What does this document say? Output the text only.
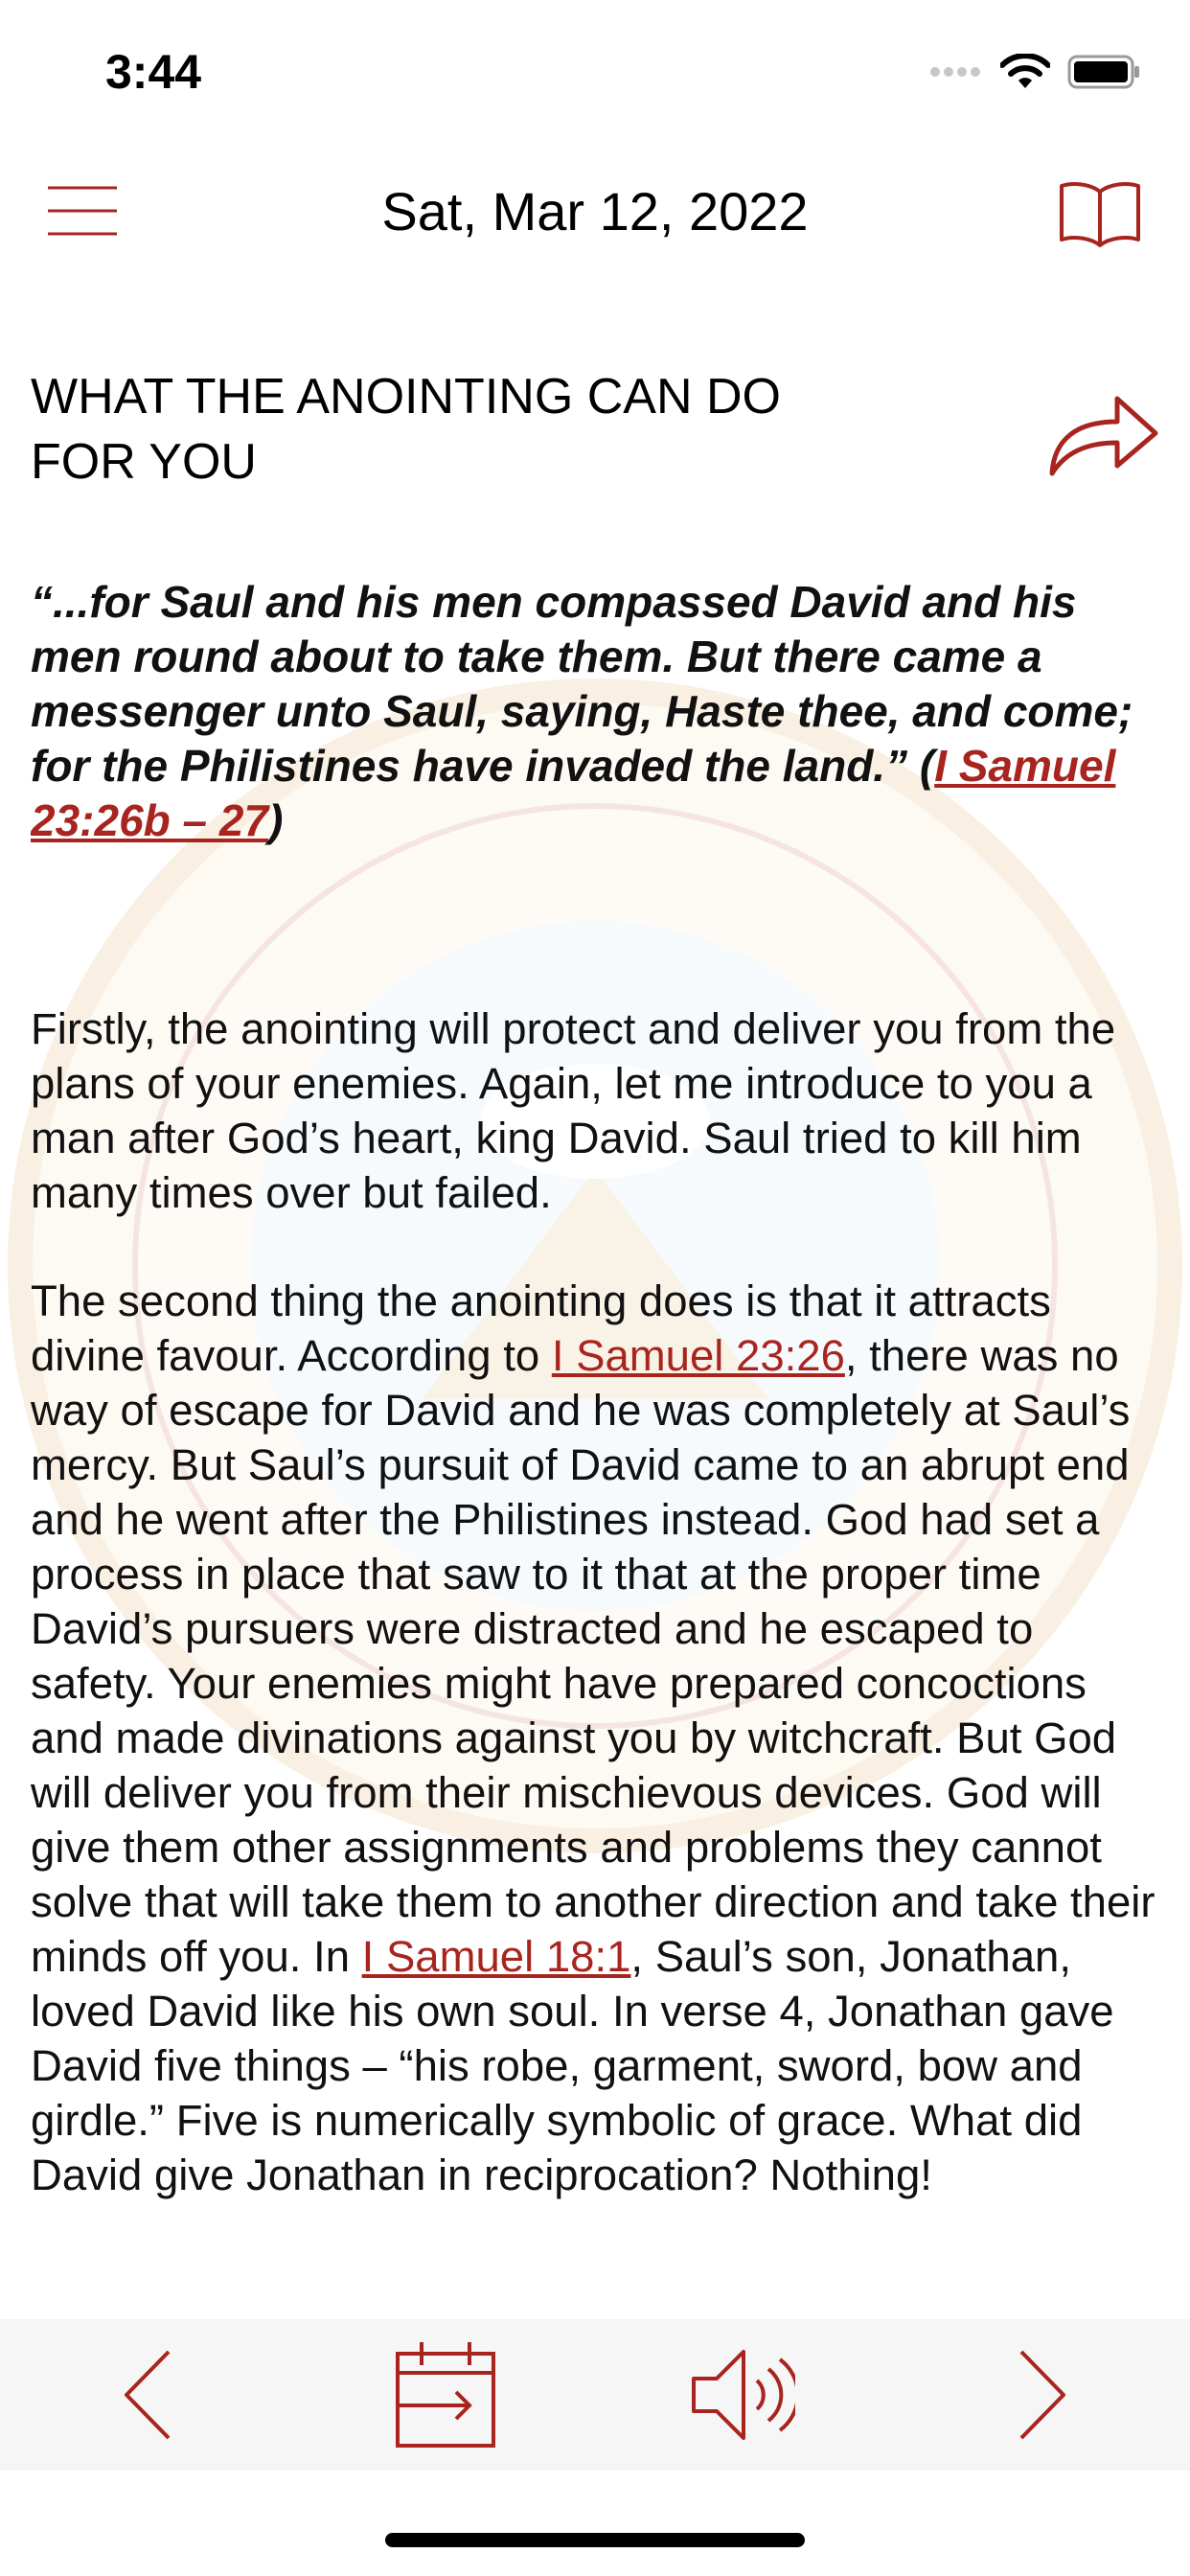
3:44
Sat, Mar 12, 2022
WHAT THE ANOINTING CAN DO FOR YOU

“...for Saul and his men compassed David and his men round about to take them. But there came a messenger unto Saul, saying, Haste thee, and come; for the Philistines have invaded the land.” (I Samuel 23:26b – 27)

Firstly, the anointing will protect and deliver you from the plans of your enemies. Again, let me introduce to you a man after God’s heart, king David. Saul tried to kill him many times over but failed.

The second thing the anointing does is that it attracts divine favour. According to I Samuel 23:26, there was no way of escape for David and he was completely at Saul’s mercy. But Saul’s pursuit of David came to an abrupt end and he went after the Philistines instead. God had set a process in place that saw to it that at the proper time David’s pursuers were distracted and he escaped to safety. Your enemies might have prepared concoctions and made divinations against you by witchcraft. But God will deliver you from their mischievous devices. God will give them other assignments and problems they cannot solve that will take them to another direction and take their minds off you. In I Samuel 18:1, Saul’s son, Jonathan, loved David like his own soul. In verse 4, Jonathan gave David five things – “his robe, garment, sword, bow and girdle.” Five is numerically symbolic of grace. What did David give Jonathan in reciprocation? Nothing!
